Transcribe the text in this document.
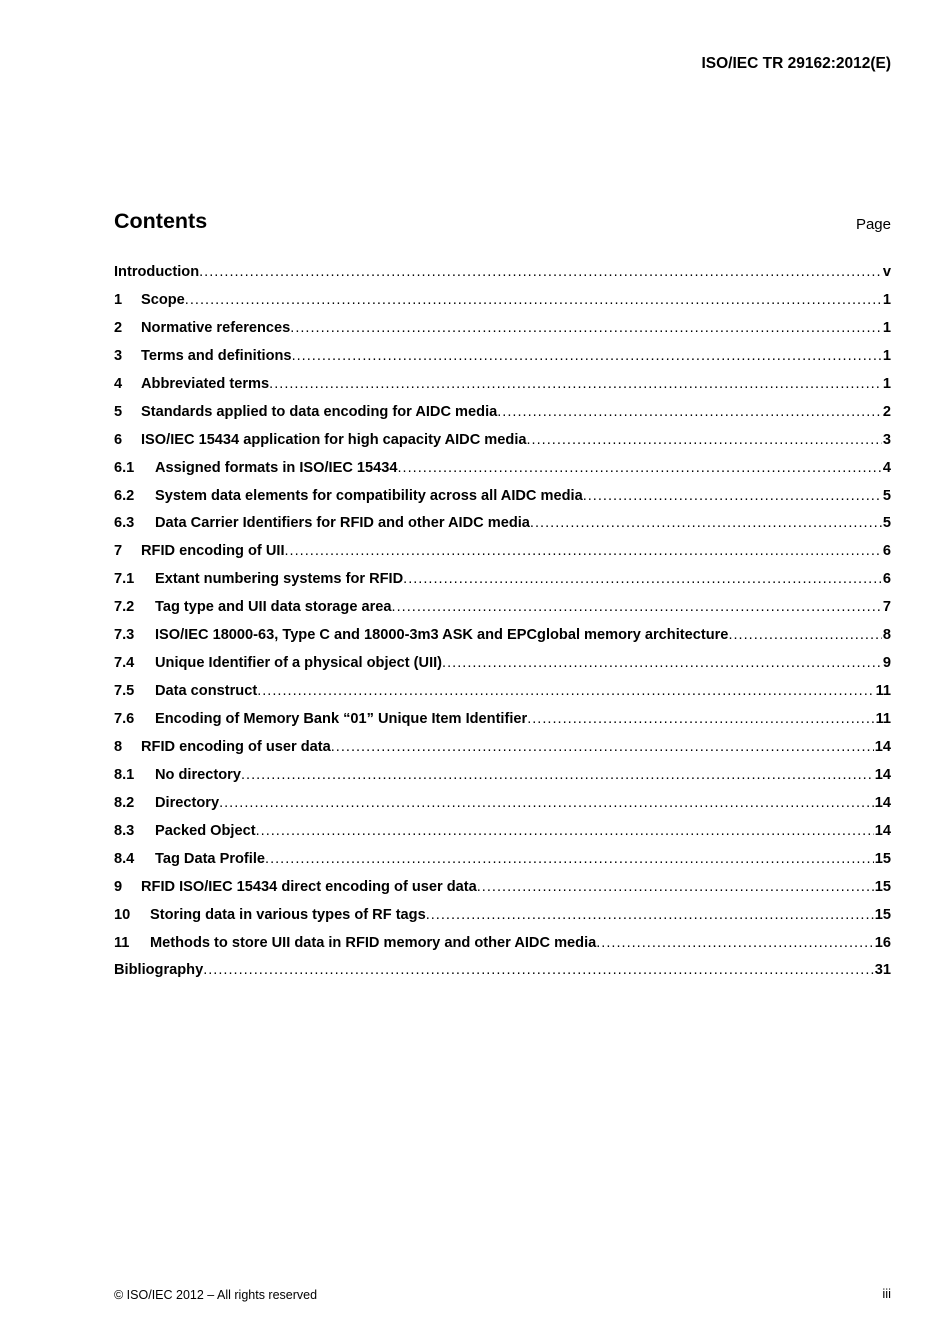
ISO/IEC TR 29162:2012(E)
Contents	Page
Introduction .....	v
1	Scope .....	1
2	Normative references .....	1
3	Terms and definitions .....	1
4	Abbreviated terms .....	1
5	Standards applied to data encoding for AIDC media .....	2
6	ISO/IEC 15434 application for high capacity AIDC media .....	3
6.1	Assigned formats in ISO/IEC 15434 .....	4
6.2	System data elements for compatibility across all AIDC media .....	5
6.3	Data Carrier Identifiers for RFID and other AIDC media .....	5
7	RFID encoding of UII .....	6
7.1	Extant numbering systems for RFID .....	6
7.2	Tag type and UII data storage area .....	7
7.3	ISO/IEC 18000-63, Type C and 18000-3m3 ASK and EPCglobal memory architecture .....	8
7.4	Unique Identifier of a physical object (UII) .....	9
7.5	Data construct .....	11
7.6	Encoding of Memory Bank “01” Unique Item Identifier .....	11
8	RFID encoding of user data .....	14
8.1	No directory .....	14
8.2	Directory .....	14
8.3	Packed Object .....	14
8.4	Tag Data Profile .....	15
9	RFID ISO/IEC 15434 direct encoding of user data .....	15
10	Storing data in various types of RF tags .....	15
11	Methods to store UII data in RFID memory and other AIDC media .....	16
Bibliography .....	31
© ISO/IEC 2012 – All rights reserved	iii
